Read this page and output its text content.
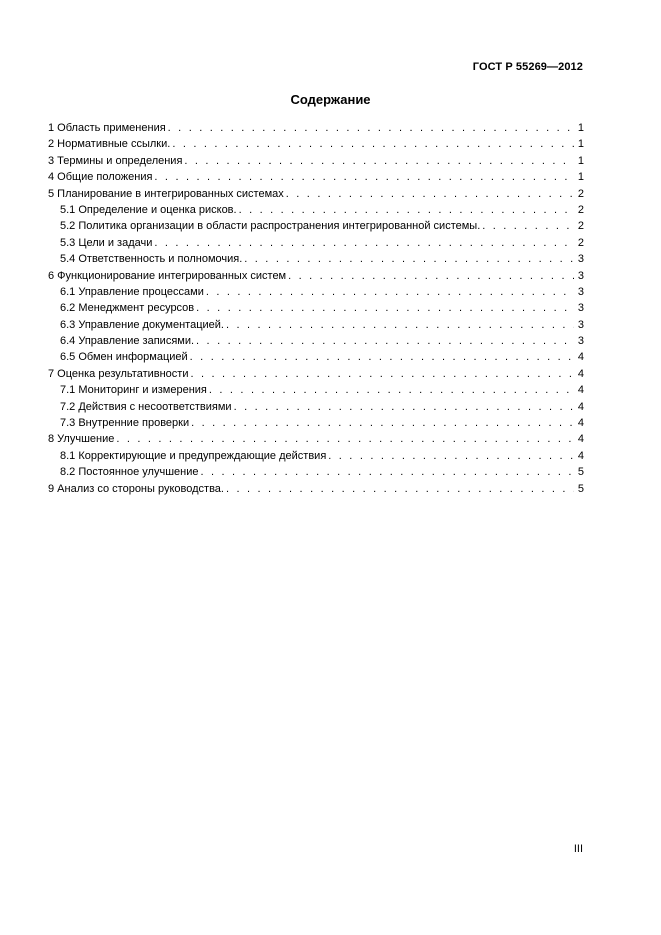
ГОСТ Р 55269—2012
Содержание
1 Область применения . . .	1
2 Нормативные ссылки. . . .	1
3 Термины и определения . . .	1
4 Общие положения . . .	1
5 Планирование в интегрированных системах . . .	2
5.1 Определение и оценка рисков. . . .	2
5.2 Политика организации в области распространения интегрированной системы. . . .	2
5.3 Цели и задачи . . .	2
5.4 Ответственность и полномочия. . . .	3
6 Функционирование интегрированных систем . . .	3
6.1 Управление процессами . . .	3
6.2 Менеджмент ресурсов . . .	3
6.3 Управление документацией. . . .	3
6.4 Управление записями. . . .	3
6.5 Обмен информацией . . .	4
7 Оценка результативности . . .	4
7.1 Мониторинг и измерения . . .	4
7.2 Действия с несоответствиями . . .	4
7.3 Внутренние проверки . . .	4
8 Улучшение . . .	4
8.1 Корректирующие и предупреждающие действия . . .	4
8.2 Постоянное улучшение . . .	5
9 Анализ со стороны руководства. . . .	5
III
